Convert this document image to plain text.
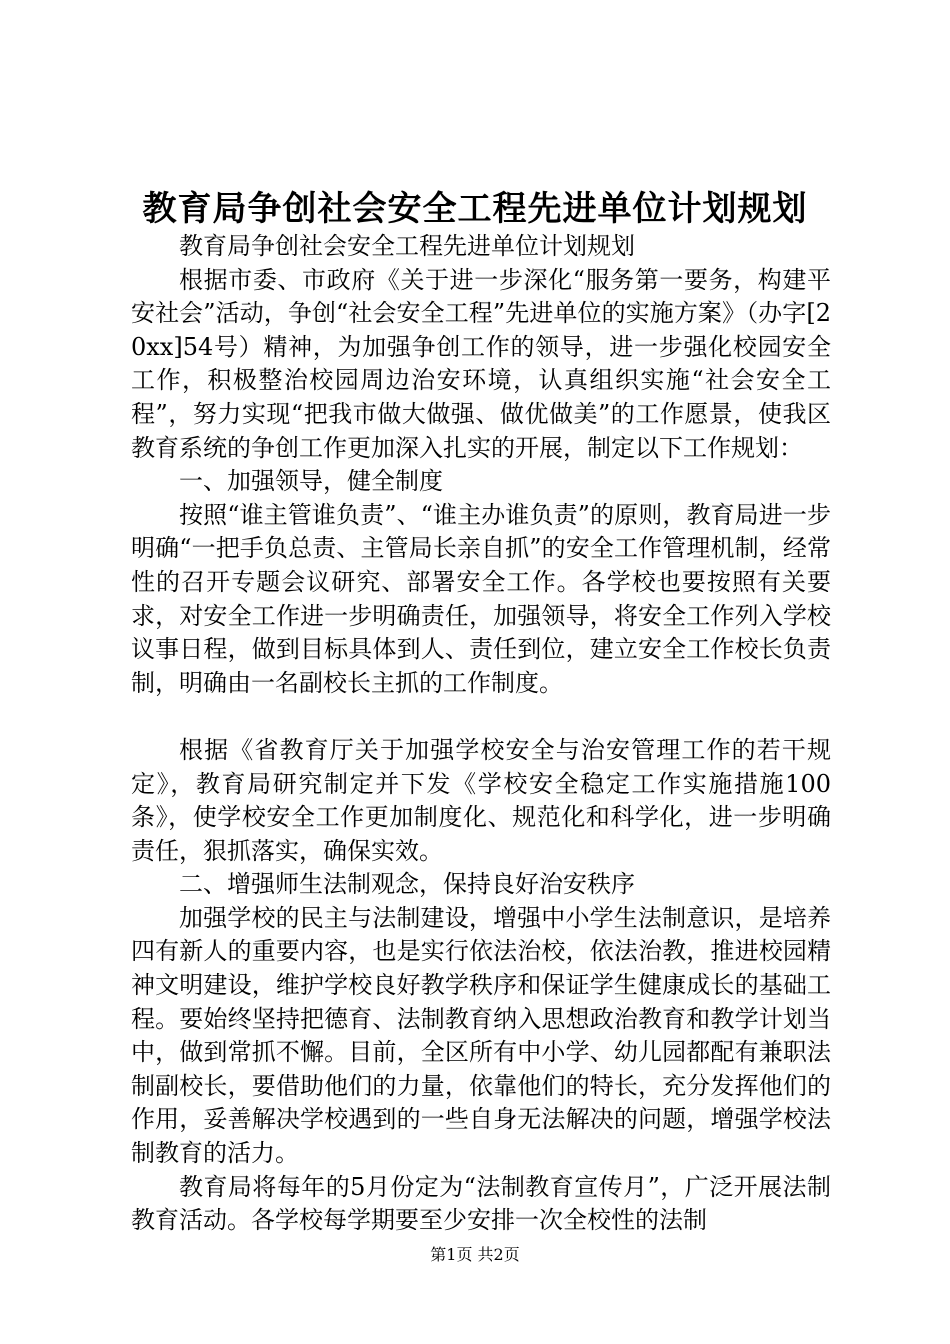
教育局争创社会安全工程先进单位计划规划

教育局争创社会安全工程先进单位计划规划

根据市委、市政府《关于进一步深化“服务第一要务，构建平安社会”活动，争创“社会安全工程”先进单位的实施方案》（办字[20xx]54号）精神，为加强争创工作的领导，进一步强化校园安全工作，积极整治校园周边治安环境，认真组织实施“社会安全工程”，努力实现“把我市做大做强、做优做美”的工作愿景，使我区教育系统的争创工作更加深入扎实的开展，制定以下工作规划：

一、加强领导，健全制度

按照“谁主管谁负责”、“谁主办谁负责”的原则，教育局进一步明确“一把手负总责、主管局长亲自抓”的安全工作管理机制，经常性的召开专题会议研究、部署安全工作。各学校也要按照有关要求，对安全工作进一步明确责任，加强领导，将安全工作列入学校议事日程，做到目标具体到人、责任到位，建立安全工作校长负责制，明确由一名副校长主抓的工作制度。

根据《省教育厅关于加强学校安全与治安管理工作的若干规定》，教育局研究制定并下发《学校安全稳定工作实施措施100条》，使学校安全工作更加制度化、规范化和科学化，进一步明确责任，狠抓落实，确保实效。

二、增强师生法制观念，保持良好治安秩序

加强学校的民主与法制建设，增强中小学生法制意识，是培养四有新人的重要内容，也是实行依法治校，依法治教，推进校园精神文明建设，维护学校良好教学秩序和保证学生健康成长的基础工程。要始终坚持把德育、法制教育纳入思想政治教育和教学计划当中，做到常抓不懈。目前，全区所有中小学、幼儿园都配有兼职法制副校长，要借助他们的力量，依靠他们的特长，充分发挥他们的作用，妥善解决学校遇到的一些自身无法解决的问题，增强学校法制教育的活力。

教育局将每年的5月份定为“法制教育宣传月”，广泛开展法制教育活动。各学校每学期要至少安排一次全校性的法制

第1页 共2页
